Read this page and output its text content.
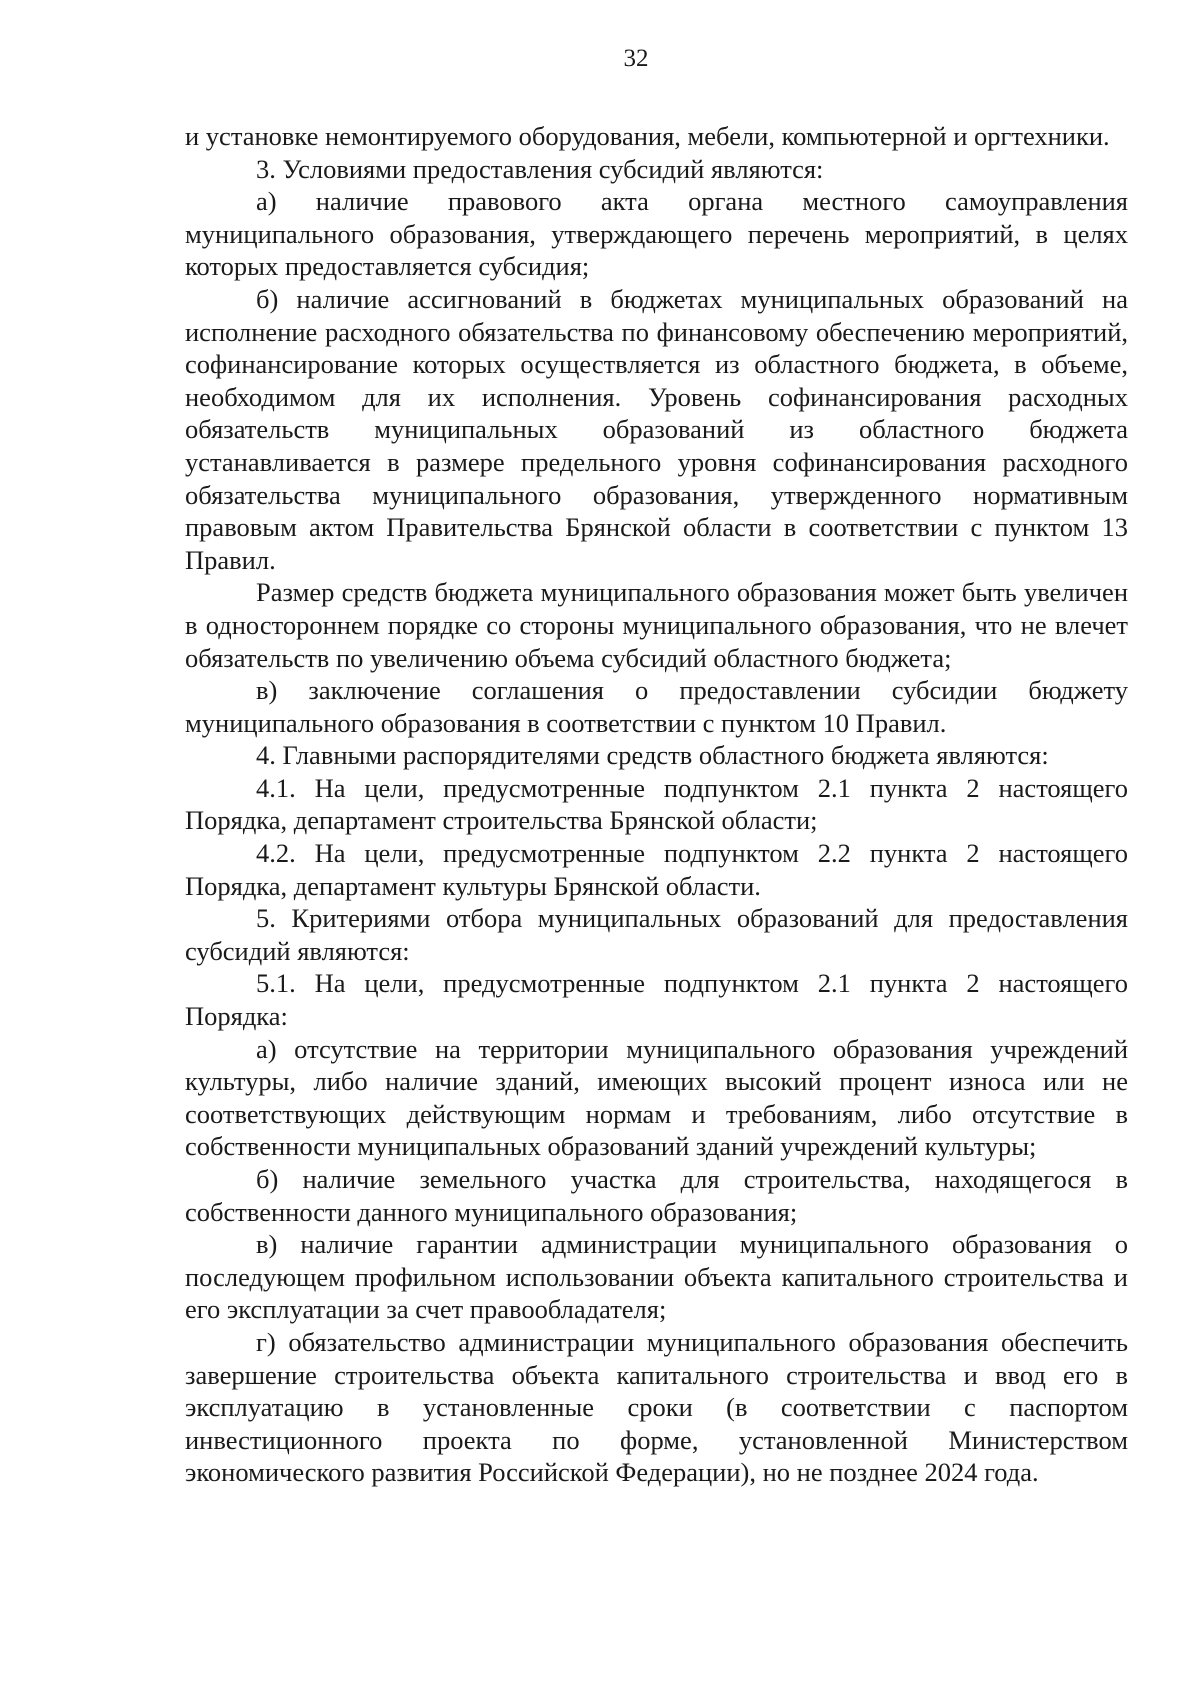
32

и установке немонтируемого оборудования, мебели, компьютерной и оргтехники.

3. Условиями предоставления субсидий являются:

а) наличие правового акта органа местного самоуправления муниципального образования, утверждающего перечень мероприятий, в целях которых предоставляется субсидия;

б) наличие ассигнований в бюджетах муниципальных образований на исполнение расходного обязательства по финансовому обеспечению мероприятий, софинансирование которых осуществляется из областного бюджета, в объеме, необходимом для их исполнения. Уровень софинансирования расходных обязательств муниципальных образований из областного бюджета устанавливается в размере предельного уровня софинансирования расходного обязательства муниципального образования, утвержденного нормативным правовым актом Правительства Брянской области в соответствии с пунктом 13 Правил.

Размер средств бюджета муниципального образования может быть увеличен в одностороннем порядке со стороны муниципального образования, что не влечет обязательств по увеличению объема субсидий областного бюджета;

в) заключение соглашения о предоставлении субсидии бюджету муниципального образования в соответствии с пунктом 10 Правил.

4. Главными распорядителями средств областного бюджета являются:

4.1. На цели, предусмотренные подпунктом 2.1 пункта 2 настоящего Порядка, департамент строительства Брянской области;

4.2. На цели, предусмотренные подпунктом 2.2 пункта 2 настоящего Порядка, департамент культуры Брянской области.

5. Критериями отбора муниципальных образований для предоставления субсидий являются:

5.1. На цели, предусмотренные подпунктом 2.1 пункта 2 настоящего Порядка:

а) отсутствие на территории муниципального образования учреждений культуры, либо наличие зданий, имеющих высокий процент износа или не соответствующих действующим нормам и требованиям, либо отсутствие в собственности муниципальных образований зданий учреждений культуры;

б) наличие земельного участка для строительства, находящегося в собственности данного муниципального образования;

в) наличие гарантии администрации муниципального образования о последующем профильном использовании объекта капитального строительства и его эксплуатации за счет правообладателя;

г) обязательство администрации муниципального образования обеспечить завершение строительства объекта капитального строительства и ввод его в эксплуатацию в установленные сроки (в соответствии с паспортом инвестиционного проекта по форме, установленной Министерством экономического развития Российской Федерации), но не позднее 2024 года.
